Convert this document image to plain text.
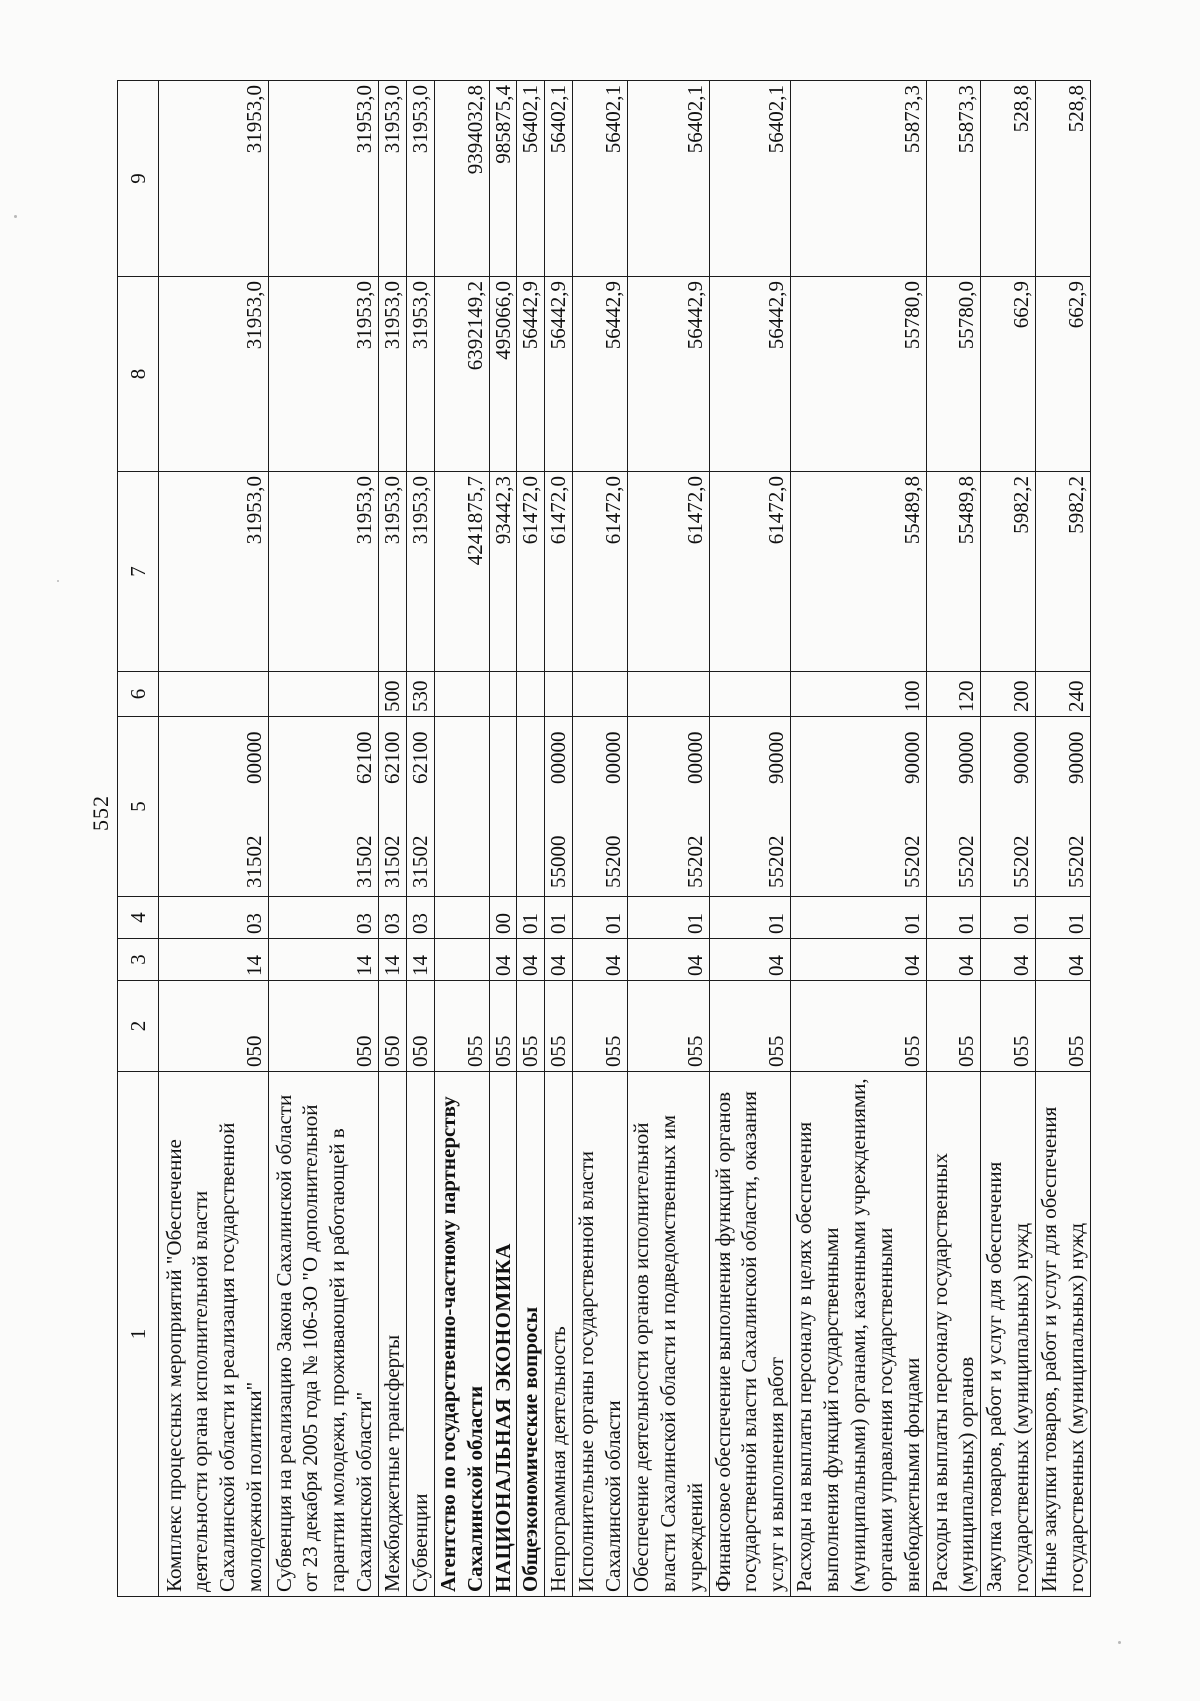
552
1	2	3	4	5	6	7	8	9
Комплекс процессных мероприятий "Обеспечение деятельности органа исполнительной власти Сахалинской области и реализация государственной молодежной политики"	050	14	03	3150200000		31953,0	31953,0	31953,0
Субвенция на реализацию Закона Сахалинской области от 23 декабря 2005 года № 106-ЗО "О дополнительной гарантии молодежи, проживающей и работающей в Сахалинской области"	050	14	03	3150262100		31953,0	31953,0	31953,0
Межбюджетные трансферты	050	14	03	3150262100	500	31953,0	31953,0	31953,0
Субвенции	050	14	03	3150262100	530	31953,0	31953,0	31953,0
Агентство по государственно-частному партнерству Сахалинской области	055					4241875,7	6392149,2	9394032,8
НАЦИОНАЛЬНАЯ ЭКОНОМИКА	055	04	00			93442,3	495066,0	985875,4
Общеэкономические вопросы	055	04	01			61472,0	56442,9	56402,1
Непрограммная деятельность	055	04	01	5500000000		61472,0	56442,9	56402,1
Исполнительные органы государственной власти Сахалинской области	055	04	01	5520000000		61472,0	56442,9	56402,1
Обеспечение деятельности органов исполнительной власти Сахалинской области и подведомственных им учреждений	055	04	01	5520200000		61472,0	56442,9	56402,1
Финансовое обеспечение выполнения функций органов государственной власти Сахалинской области, оказания услуг и выполнения работ	055	04	01	5520290000		61472,0	56442,9	56402,1
Расходы на выплаты персоналу в целях обеспечения выполнения функций государственными (муниципальными) органами, казенными учреждениями, органами управления государственными внебюджетными фондами	055	04	01	5520290000	100	55489,8	55780,0	55873,3
Расходы на выплаты персоналу государственных (муниципальных) органов	055	04	01	5520290000	120	55489,8	55780,0	55873,3
Закупка товаров, работ и услуг для обеспечения государственных (муниципальных) нужд	055	04	01	5520290000	200	5982,2	662,9	528,8
Иные закупки товаров, работ и услуг для обеспечения государственных (муниципальных) нужд	055	04	01	5520290000	240	5982,2	662,9	528,8
